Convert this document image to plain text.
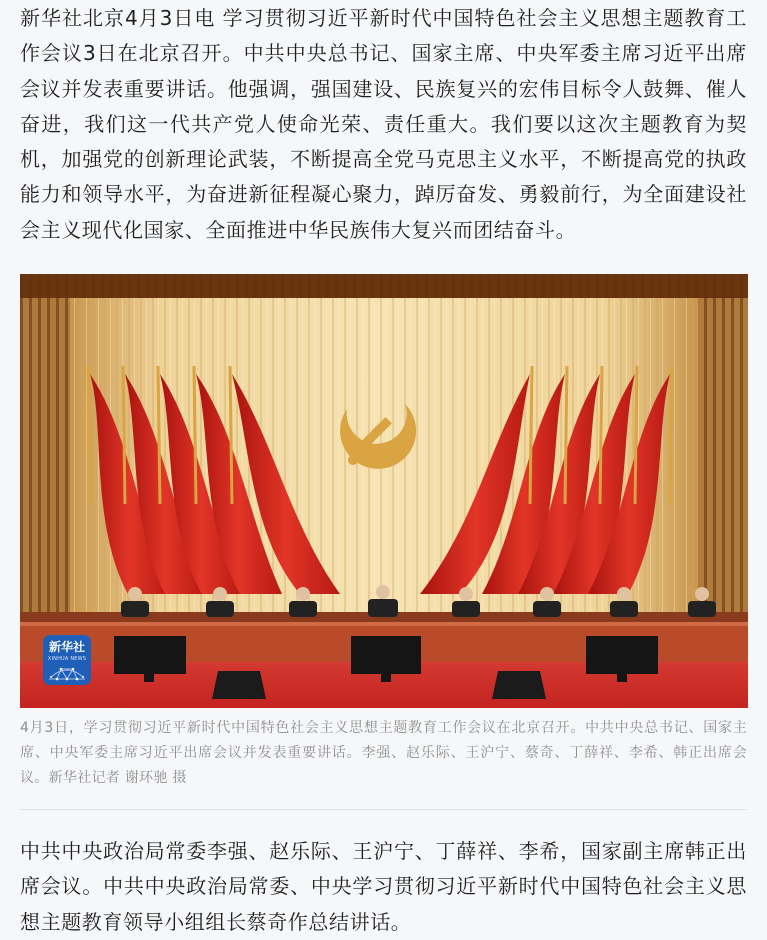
新华社北京4月3日电 学习贯彻习近平新时代中国特色社会主义思想主题教育工作会议3日在北京召开。中共中央总书记、国家主席、中央军委主席习近平出席会议并发表重要讲话。他强调，强国建设、民族复兴的宏伟目标令人鼓舞、催人奋进，我们这一代共产党人使命光荣、责任重大。我们要以这次主题教育为契机，加强党的创新理论武装，不断提高全党马克思主义水平，不断提高党的执政能力和领导水平，为奋进新征程凝心聚力，踔厉奋发、勇毅前行，为全面建设社会主义现代化国家、全面推进中华民族伟大复兴而团结奋斗。

新华社
XINHUA NEWS

4月3日，学习贯彻习近平新时代中国特色社会主义思想主题教育工作会议在北京召开。中共中央总书记、国家主席、中央军委主席习近平出席会议并发表重要讲话。李强、赵乐际、王沪宁、蔡奇、丁薛祥、李希、韩正出席会议。新华社记者 谢环驰 摄

中共中央政治局常委李强、赵乐际、王沪宁、丁薛祥、李希，国家副主席韩正出席会议。中共中央政治局常委、中央学习贯彻习近平新时代中国特色社会主义思想主题教育领导小组组长蔡奇作总结讲话。
